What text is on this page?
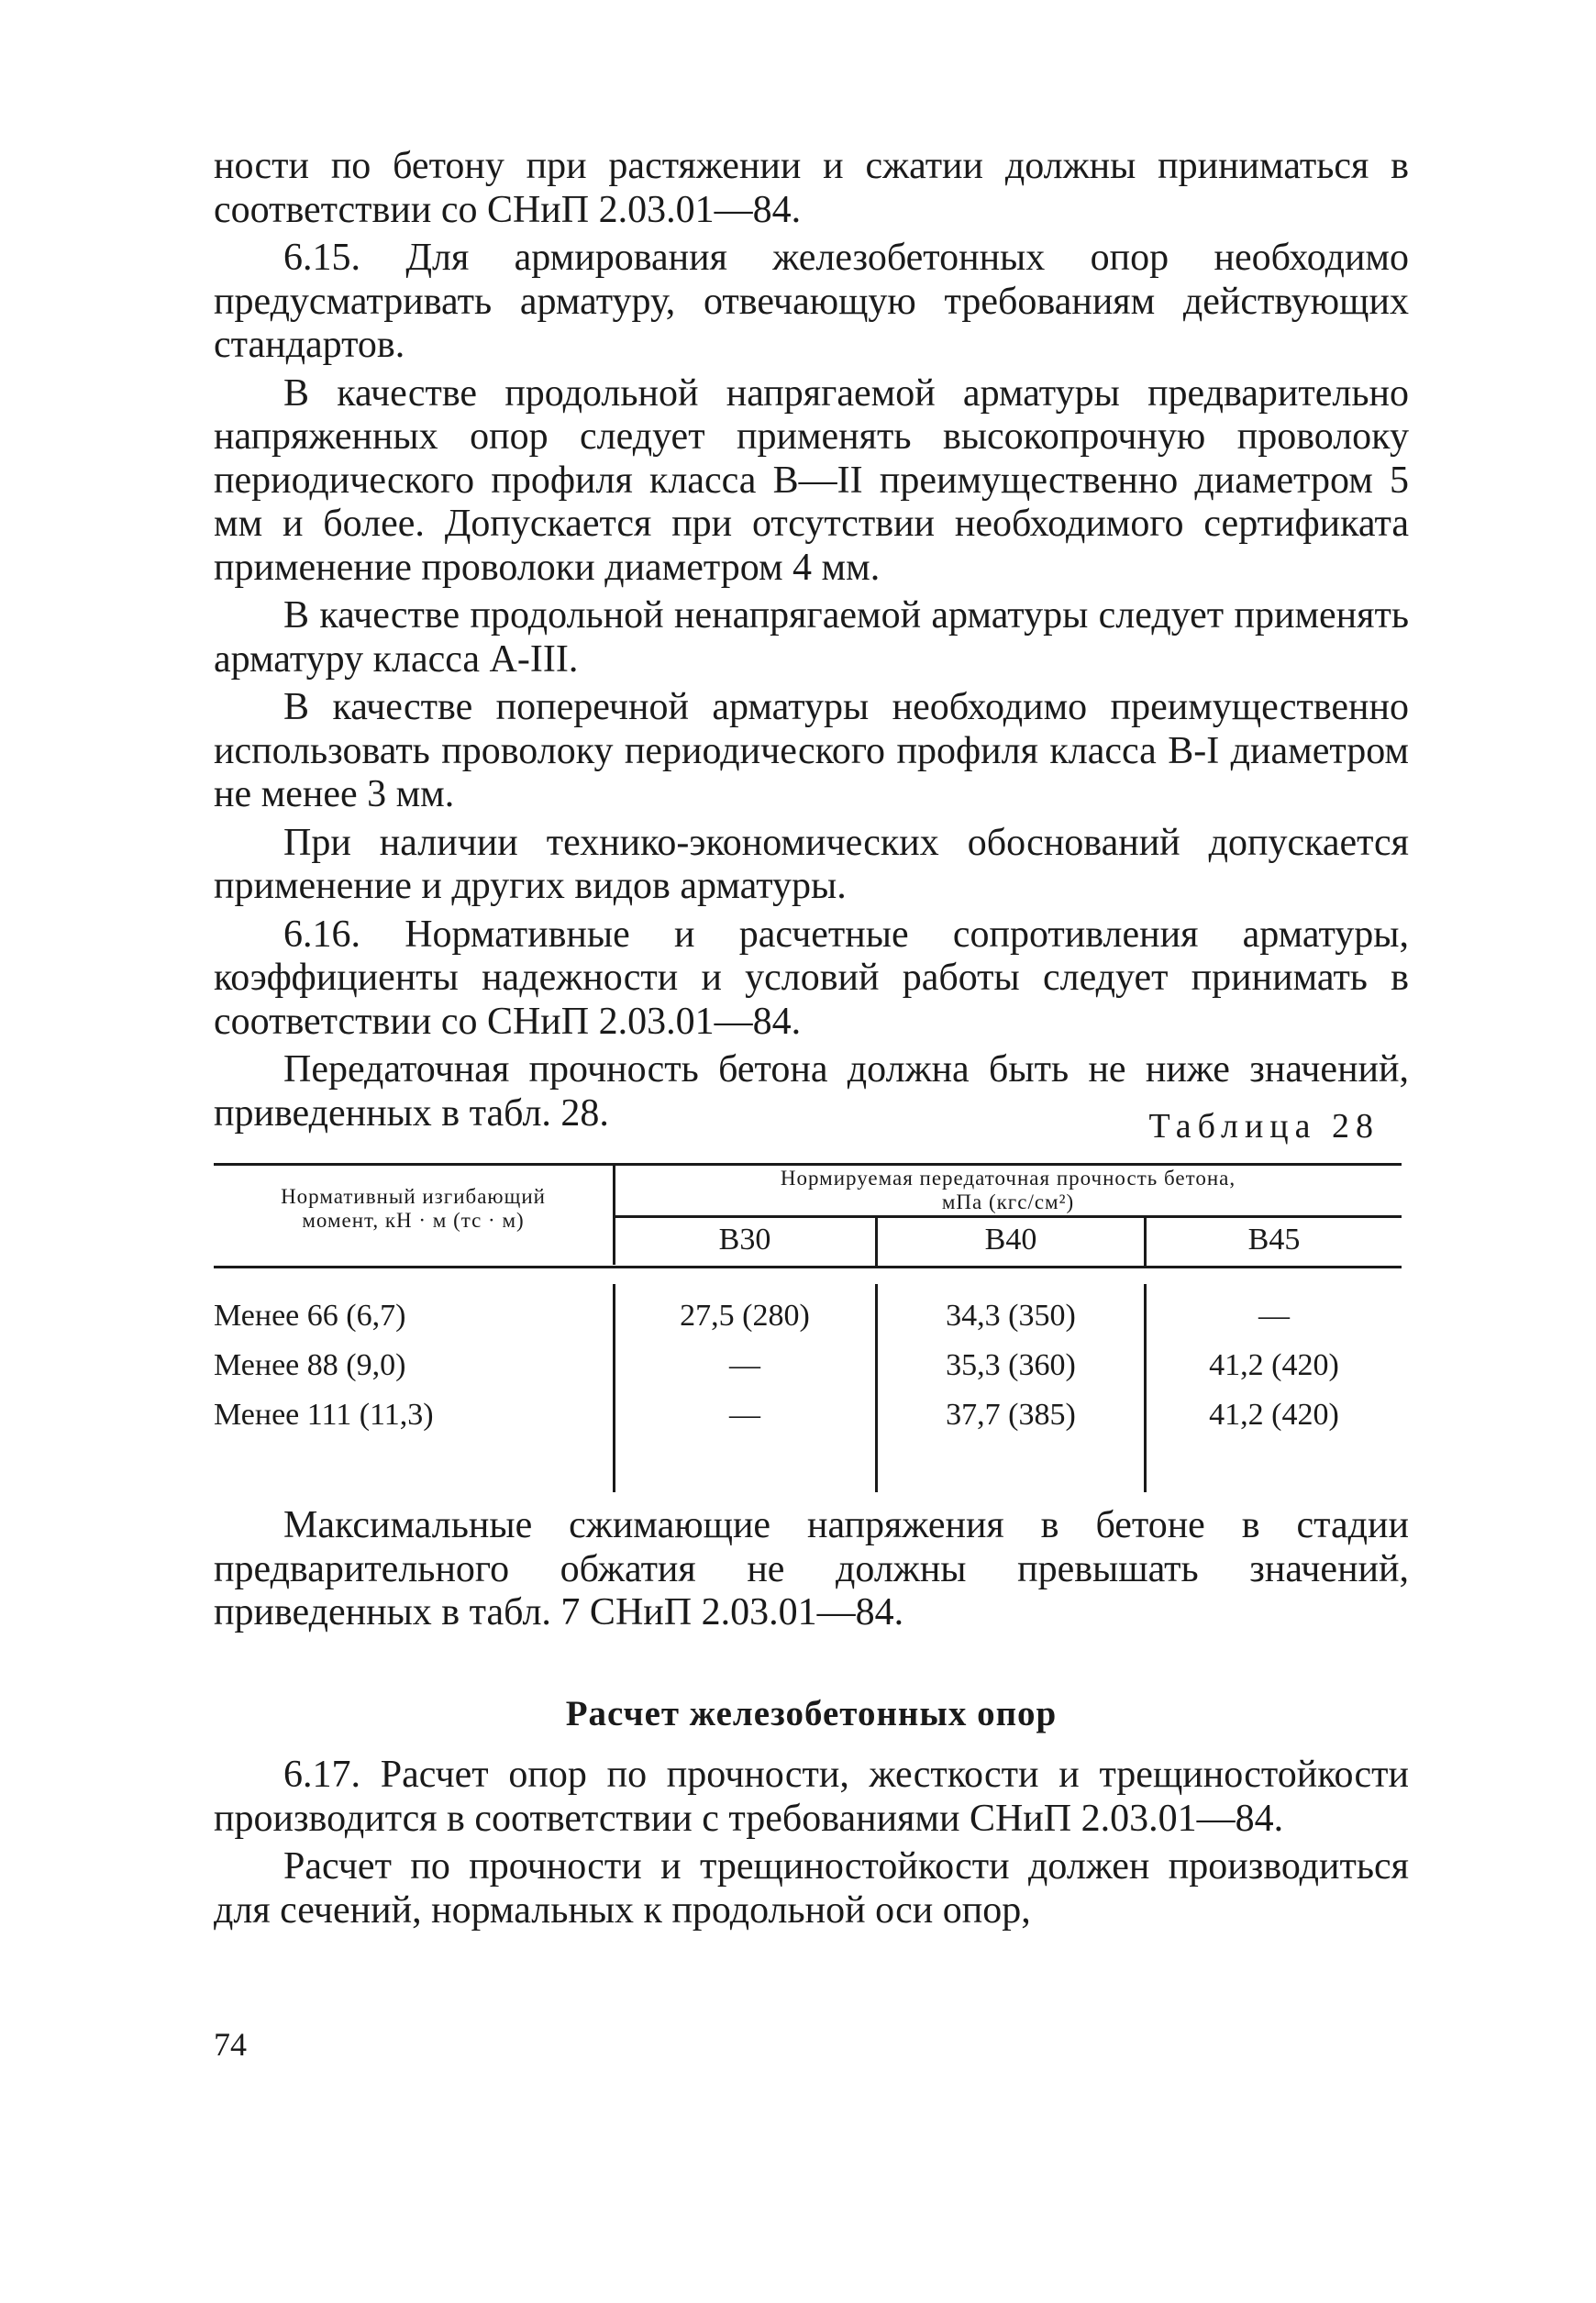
ности по бетону при растяжении и сжатии должны приниматься в соответствии со СНиП 2.03.01—84.

6.15. Для армирования железобетонных опор необходимо предусматривать арматуру, отвечающую требованиям действующих стандартов.

В качестве продольной напрягаемой арматуры предварительно напряженных опор следует применять высокопрочную проволоку периодического профиля класса В—II преимущественно диаметром 5 мм и более. Допускается при отсутствии необходимого сертификата применение проволоки диаметром 4 мм.

В качестве продольной ненапрягаемой арматуры следует применять арматуру класса А-III.

В качестве поперечной арматуры необходимо преимущественно использовать проволоку периодического профиля класса В-I диаметром не менее 3 мм.

При наличии технико-экономических обоснований допускается применение и других видов арматуры.

6.16. Нормативные и расчетные сопротивления арматуры, коэффициенты надежности и условий работы следует принимать в соответствии со СНиП 2.03.01—84.

Передаточная прочность бетона должна быть не ниже значений, приведенных в табл. 28.	Таблица 28
Нормативный изгибающий
момент, кН · м (тс · м)
Нормируемая передаточная прочность бетона,
мПа (кгс/см²)
В30	В40	В45
Менее 66 (6,7)	27,5 (280)	34,3 (350)	—
Менее 88 (9,0)	—	35,3 (360)	41,2 (420)
Менее 111 (11,3)	—	37,7 (385)	41,2 (420)

Максимальные сжимающие напряжения в бетоне в стадии предварительного обжатия не должны превышать значений, приведенных в табл. 7 СНиП 2.03.01—84.

Расчет железобетонных опор

6.17. Расчет опор по прочности, жесткости и трещиностойкости производится в соответствии с требованиями СНиП 2.03.01—84.

Расчет по прочности и трещиностойкости должен производиться для сечений, нормальных к продольной оси опор,

74
